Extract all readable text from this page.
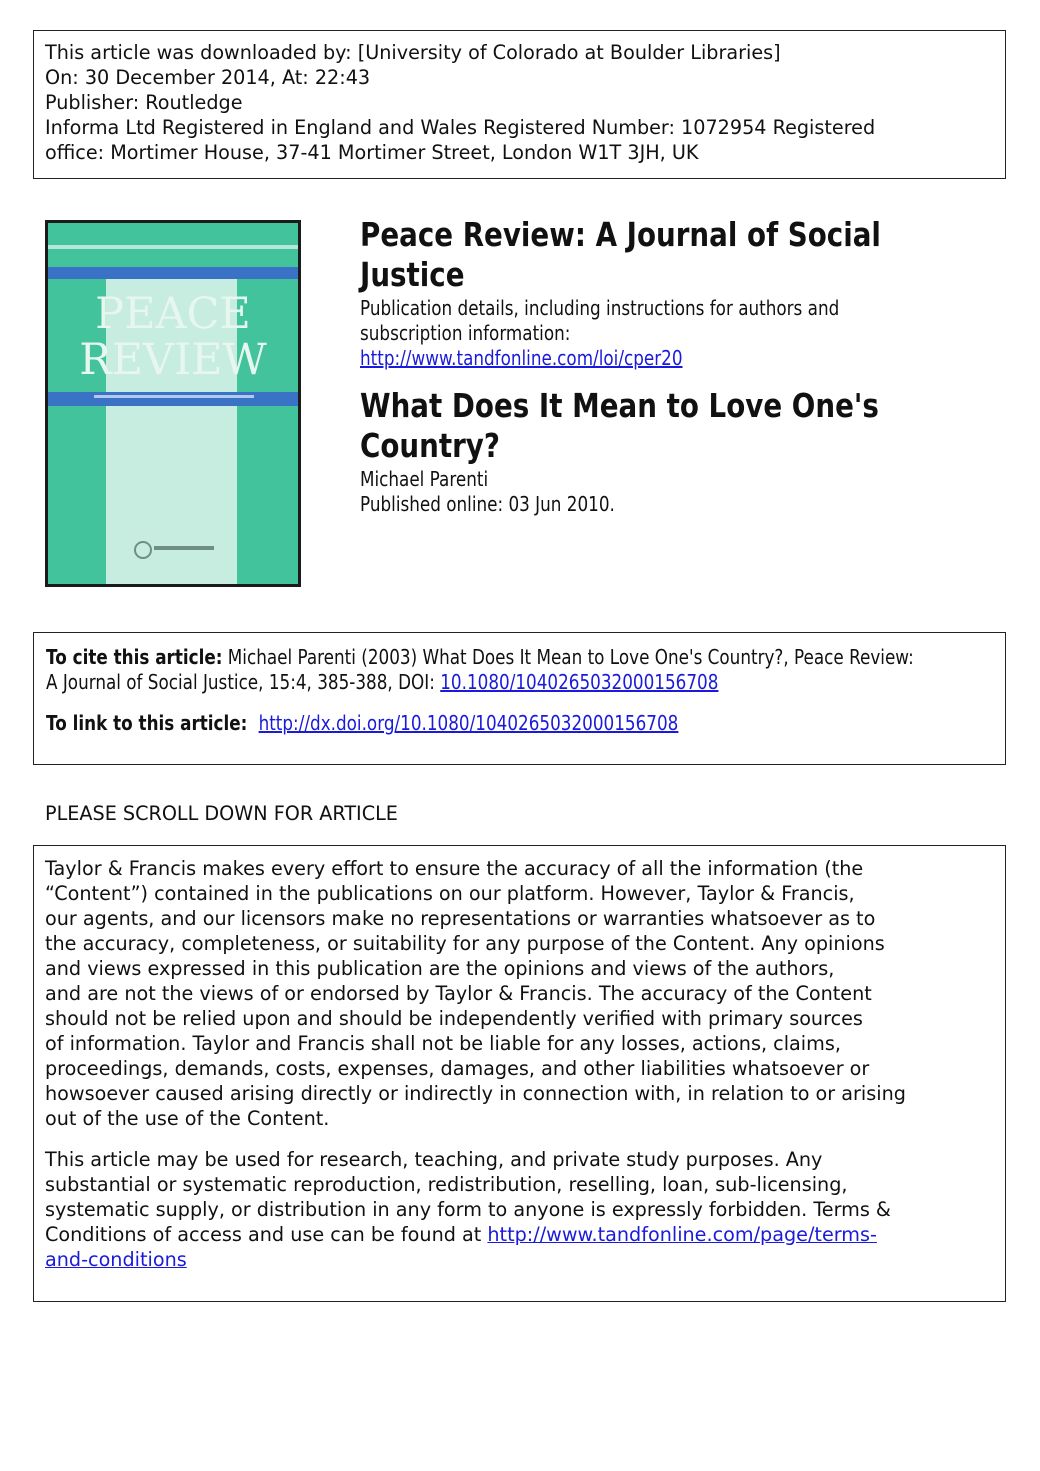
This article was downloaded by: [University of Colorado at Boulder Libraries]
On: 30 December 2014, At: 22:43
Publisher: Routledge
Informa Ltd Registered in England and Wales Registered Number: 1072954 Registered
office: Mortimer House, 37-41 Mortimer Street, London W1T 3JH, UK
PEACE
REVIEW
Peace Review: A Journal of Social
Justice
Publication details, including instructions for authors and
subscription information:
http://www.tandfonline.com/loi/cper20
What Does It Mean to Love One's
Country?
Michael Parenti
Published online: 03 Jun 2010.
To cite this article: Michael Parenti (2003) What Does It Mean to Love One's Country?, Peace Review:
A Journal of Social Justice, 15:4, 385-388, DOI: 10.1080/1040265032000156708
To link to this article:  http://dx.doi.org/10.1080/1040265032000156708
PLEASE SCROLL DOWN FOR ARTICLE
Taylor & Francis makes every effort to ensure the accuracy of all the information (the
“Content”) contained in the publications on our platform. However, Taylor & Francis,
our agents, and our licensors make no representations or warranties whatsoever as to
the accuracy, completeness, or suitability for any purpose of the Content. Any opinions
and views expressed in this publication are the opinions and views of the authors,
and are not the views of or endorsed by Taylor & Francis. The accuracy of the Content
should not be relied upon and should be independently verified with primary sources
of information. Taylor and Francis shall not be liable for any losses, actions, claims,
proceedings, demands, costs, expenses, damages, and other liabilities whatsoever or
howsoever caused arising directly or indirectly in connection with, in relation to or arising
out of the use of the Content.
This article may be used for research, teaching, and private study purposes. Any
substantial or systematic reproduction, redistribution, reselling, loan, sub-licensing,
systematic supply, or distribution in any form to anyone is expressly forbidden. Terms &
Conditions of access and use can be found at http://www.tandfonline.com/page/terms-
and-conditions
